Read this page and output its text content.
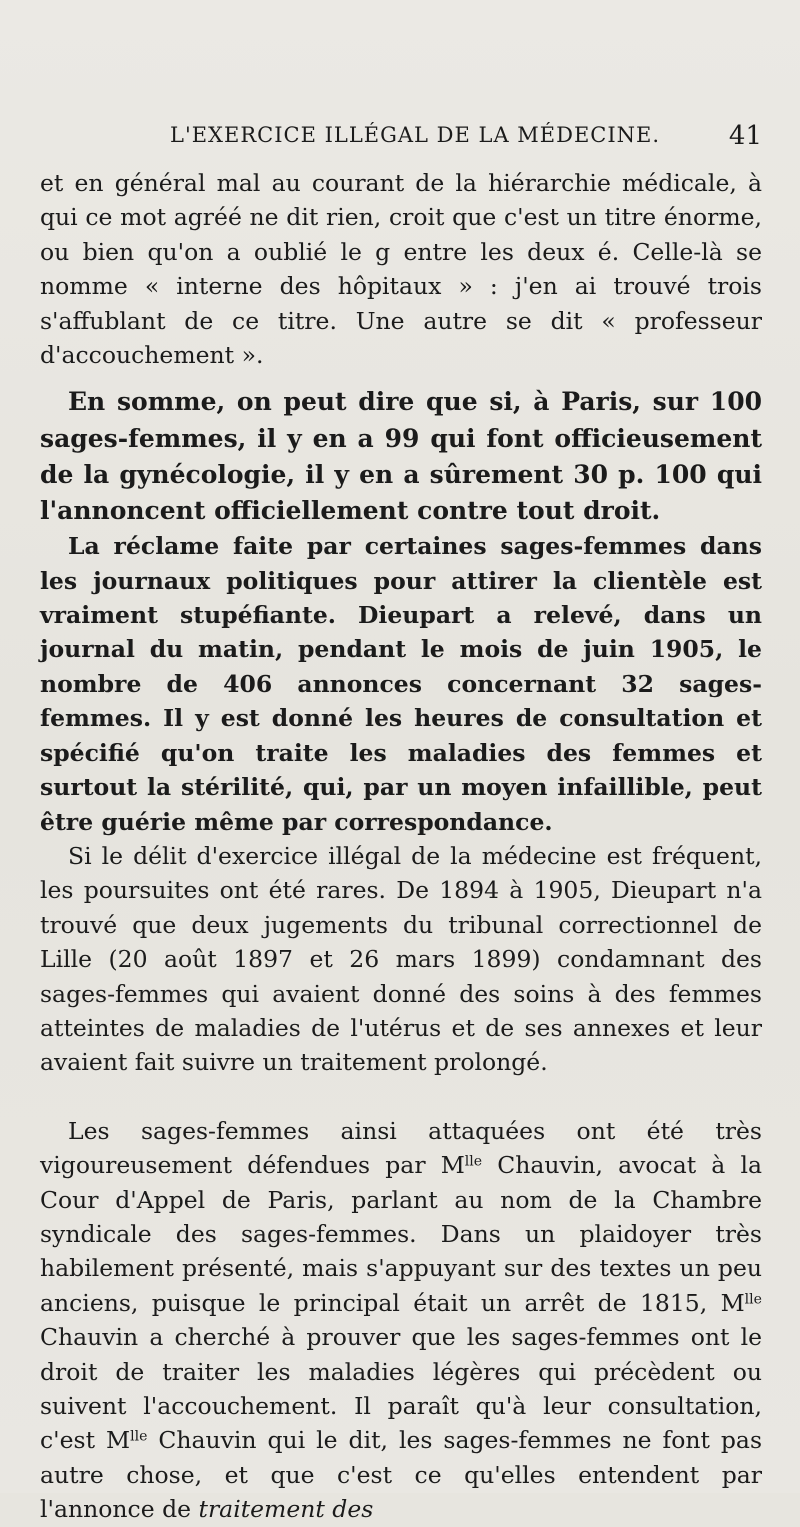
L'EXERCICE ILLÉGAL DE LA MÉDECINE.	41

et en général mal au courant de la hiérarchie médicale, à qui ce mot agréé ne dit rien, croit que c'est un titre énorme, ou bien qu'on a oublié le g entre les deux é. Celle-là se nomme « interne des hôpitaux » : j'en ai trouvé trois s'affublant de ce titre. Une autre se dit « professeur d'accouchement ».

En somme, on peut dire que si, à Paris, sur 100 sages-femmes, il y en a 99 qui font officieusement de la gynécologie, il y en a sûrement 30 p. 100 qui l'annoncent officiellement contre tout droit.

La réclame faite par certaines sages-femmes dans les journaux politiques pour attirer la clientèle est vraiment stupéfiante. Dieupart a relevé, dans un journal du matin, pendant le mois de juin 1905, le nombre de 406 annonces concernant 32 sages-femmes. Il y est donné les heures de consultation et spécifié qu'on traite les maladies des femmes et surtout la stérilité, qui, par un moyen infaillible, peut être guérie même par correspondance.

Si le délit d'exercice illégal de la médecine est fréquent, les poursuites ont été rares. De 1894 à 1905, Dieupart n'a trouvé que deux jugements du tribunal correctionnel de Lille (20 août 1897 et 26 mars 1899) condamnant des sages-femmes qui avaient donné des soins à des femmes atteintes de maladies de l'utérus et de ses annexes et leur avaient fait suivre un traitement prolongé.

Les sages-femmes ainsi attaquées ont été très vigoureusement défendues par $M^{lle}$ Chauvin, avocat à la Cour d'Appel de Paris, parlant au nom de la Chambre syndicale des sages-femmes. Dans un plaidoyer très habilement présenté, mais s'appuyant sur des textes un peu anciens, puisque le principal était un arrêt de 1815, $M^{lle}$ Chauvin a cherché à prouver que les sages-femmes ont le droit de traiter les maladies légères qui précèdent ou suivent l'accouchement. Il paraît qu'à leur consultation, c'est $M^{lle}$ Chauvin qui le dit, les sages-femmes ne font pas autre chose, et que c'est ce qu'elles entendent par l'annonce de traitement des
